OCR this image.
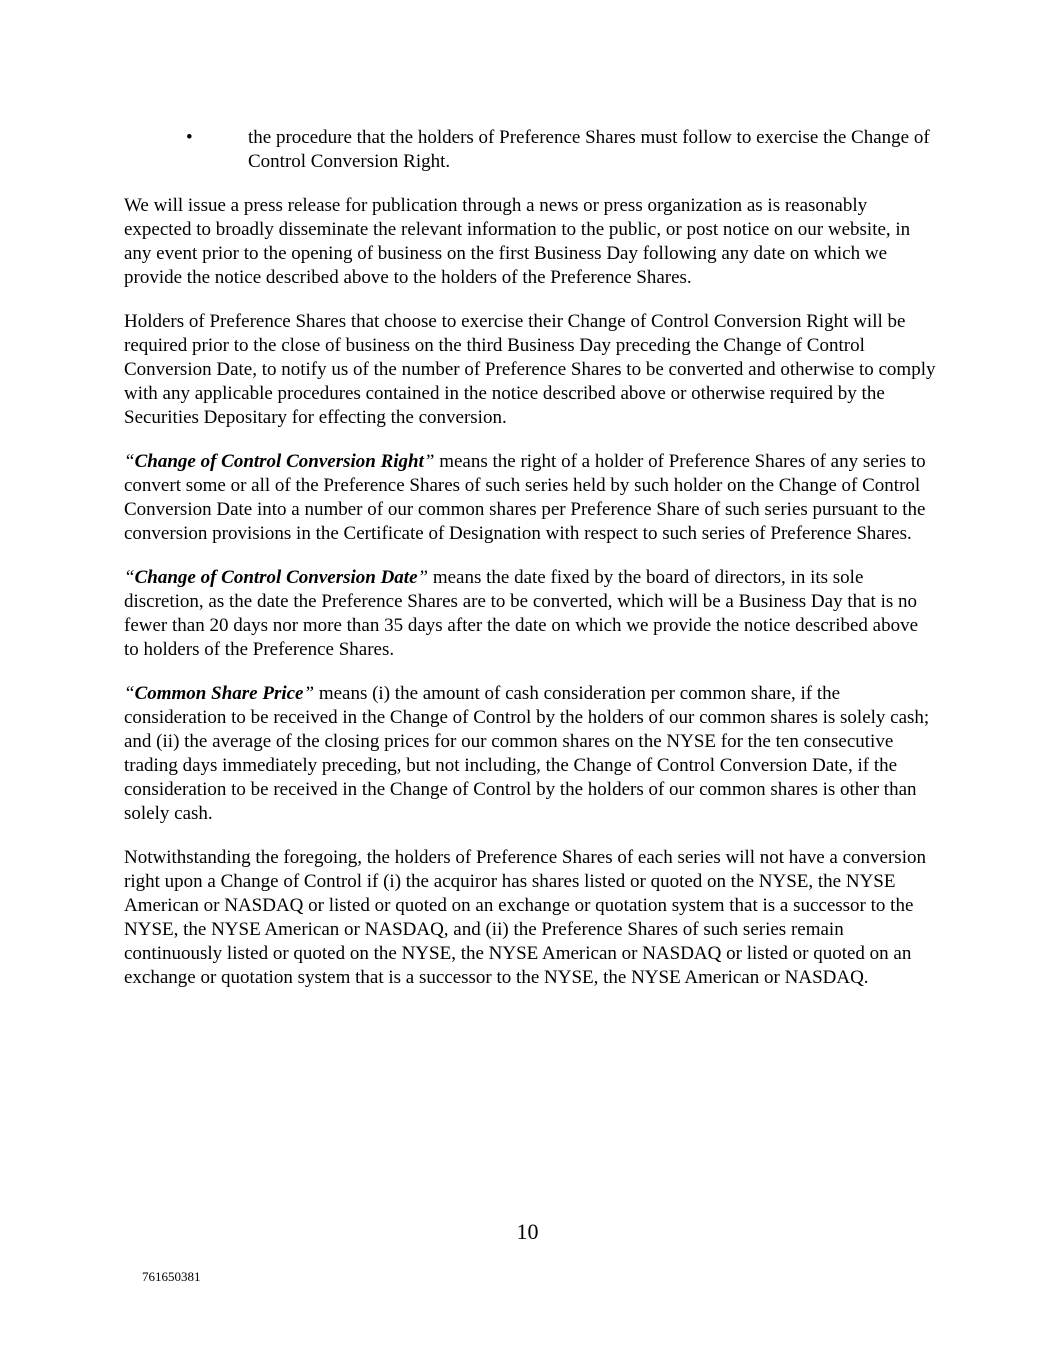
•	the procedure that the holders of Preference Shares must follow to exercise the Change of Control Conversion Right.

We will issue a press release for publication through a news or press organization as is reasonably expected to broadly disseminate the relevant information to the public, or post notice on our website, in any event prior to the opening of business on the first Business Day following any date on which we provide the notice described above to the holders of the Preference Shares.

Holders of Preference Shares that choose to exercise their Change of Control Conversion Right will be required prior to the close of business on the third Business Day preceding the Change of Control Conversion Date, to notify us of the number of Preference Shares to be converted and otherwise to comply with any applicable procedures contained in the notice described above or otherwise required by the Securities Depositary for effecting the conversion.

“Change of Control Conversion Right” means the right of a holder of Preference Shares of any series to convert some or all of the Preference Shares of such series held by such holder on the Change of Control Conversion Date into a number of our common shares per Preference Share of such series pursuant to the conversion provisions in the Certificate of Designation with respect to such series of Preference Shares.

“Change of Control Conversion Date” means the date fixed by the board of directors, in its sole discretion, as the date the Preference Shares are to be converted, which will be a Business Day that is no fewer than 20 days nor more than 35 days after the date on which we provide the notice described above to holders of the Preference Shares.

“Common Share Price” means (i) the amount of cash consideration per common share, if the consideration to be received in the Change of Control by the holders of our common shares is solely cash; and (ii) the average of the closing prices for our common shares on the NYSE for the ten consecutive trading days immediately preceding, but not including, the Change of Control Conversion Date, if the consideration to be received in the Change of Control by the holders of our common shares is other than solely cash.

Notwithstanding the foregoing, the holders of Preference Shares of each series will not have a conversion right upon a Change of Control if (i) the acquiror has shares listed or quoted on the NYSE, the NYSE American or NASDAQ or listed or quoted on an exchange or quotation system that is a successor to the NYSE, the NYSE American or NASDAQ, and (ii) the Preference Shares of such series remain continuously listed or quoted on the NYSE, the NYSE American or NASDAQ or listed or quoted on an exchange or quotation system that is a successor to the NYSE, the NYSE American or NASDAQ.

10
761650381
